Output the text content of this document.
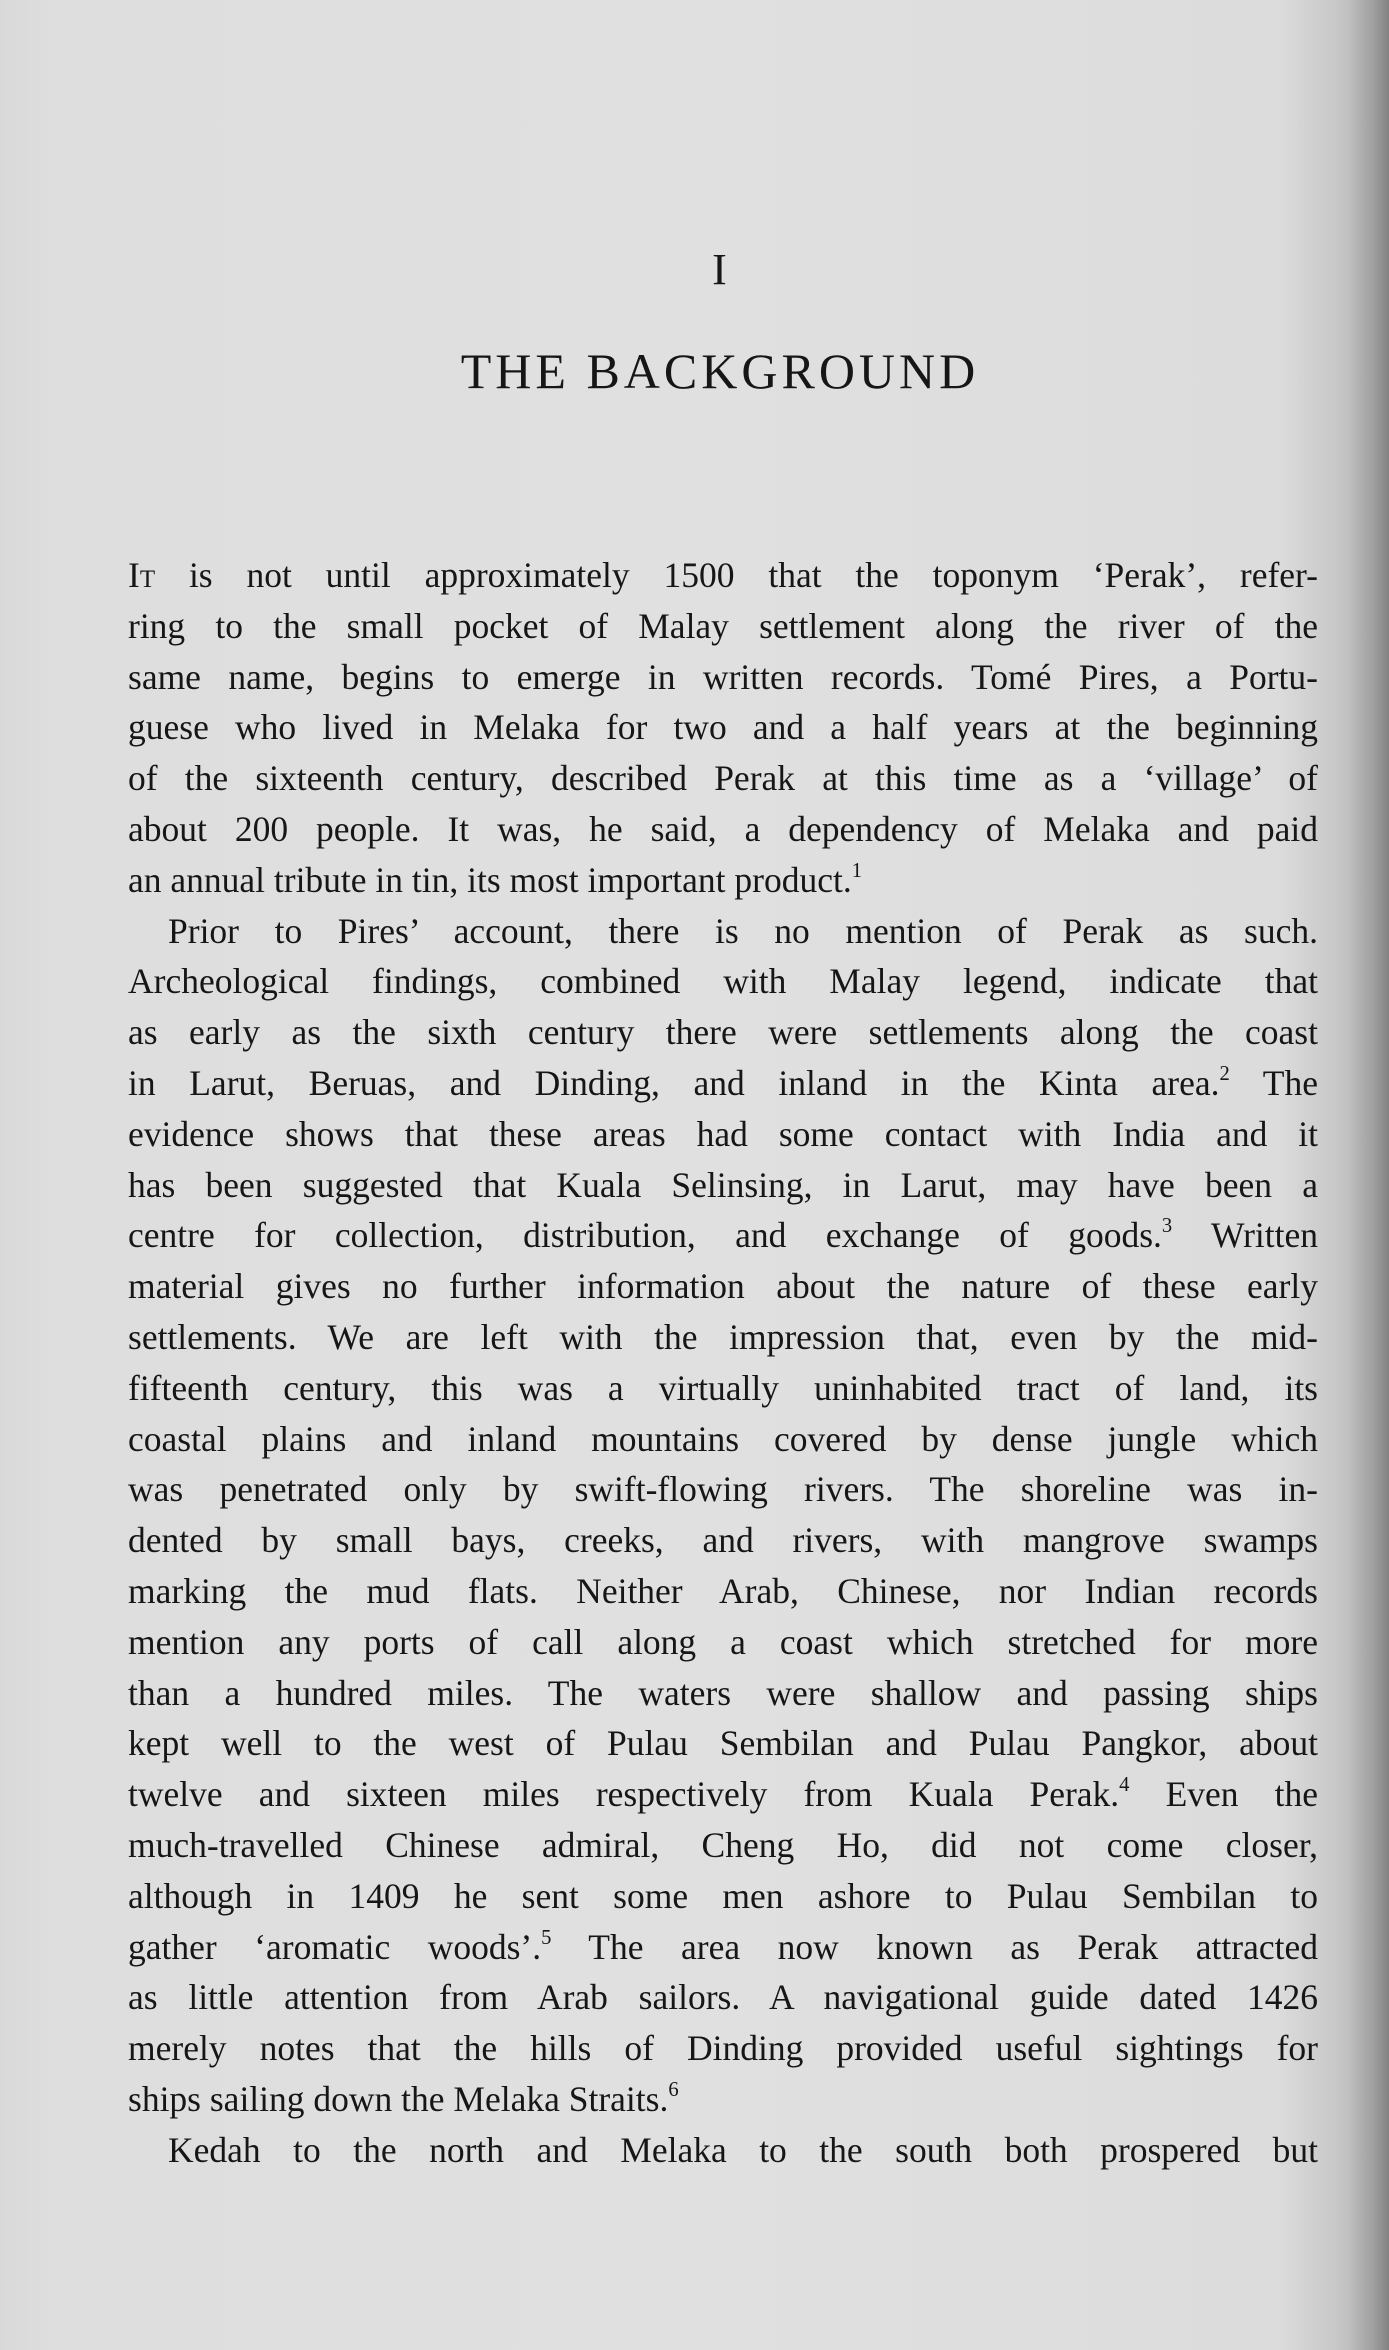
I
THE BACKGROUND
It is not until approximately 1500 that the toponym ‘Perak’, refer-
ring to the small pocket of Malay settlement along the river of the
same name, begins to emerge in written records. Tomé Pires, a Portu-
guese who lived in Melaka for two and a half years at the beginning
of the sixteenth century, described Perak at this time as a ‘village’ of
about 200 people. It was, he said, a dependency of Melaka and paid
an annual tribute in tin, its most important product.$^1$
Prior to Pires’ account, there is no mention of Perak as such.
Archeological findings, combined with Malay legend, indicate that
as early as the sixth century there were settlements along the coast
in Larut, Beruas, and Dinding, and inland in the Kinta area.$^2$ The
evidence shows that these areas had some contact with India and it
has been suggested that Kuala Selinsing, in Larut, may have been a
centre for collection, distribution, and exchange of goods.$^3$ Written
material gives no further information about the nature of these early
settlements. We are left with the impression that, even by the mid-
fifteenth century, this was a virtually uninhabited tract of land, its
coastal plains and inland mountains covered by dense jungle which
was penetrated only by swift-flowing rivers. The shoreline was in-
dented by small bays, creeks, and rivers, with mangrove swamps
marking the mud flats. Neither Arab, Chinese, nor Indian records
mention any ports of call along a coast which stretched for more
than a hundred miles. The waters were shallow and passing ships
kept well to the west of Pulau Sembilan and Pulau Pangkor, about
twelve and sixteen miles respectively from Kuala Perak.$^4$ Even the
much-travelled Chinese admiral, Cheng Ho, did not come closer,
although in 1409 he sent some men ashore to Pulau Sembilan to
gather ‘aromatic woods’.$^5$ The area now known as Perak attracted
as little attention from Arab sailors. A navigational guide dated 1426
merely notes that the hills of Dinding provided useful sightings for
ships sailing down the Melaka Straits.$^6$
Kedah to the north and Melaka to the south both prospered but
